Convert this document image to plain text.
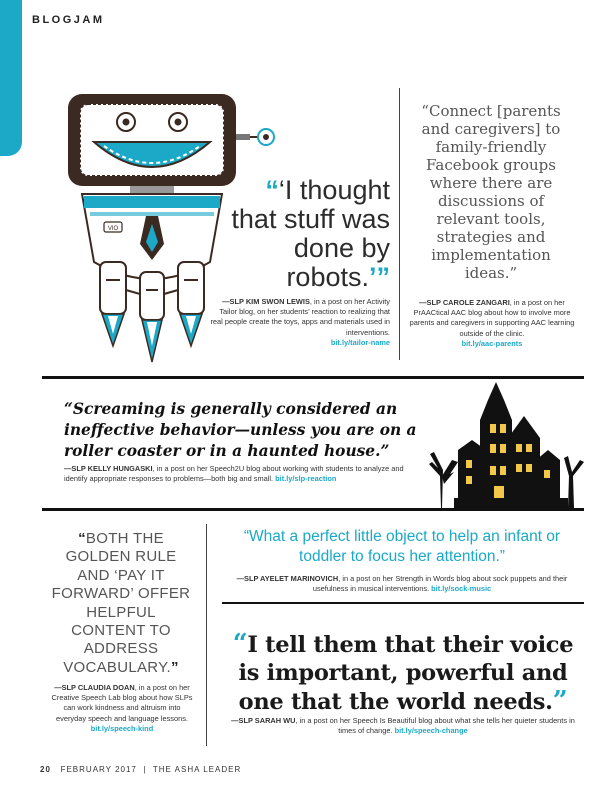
BLOGJAM
VIO
“‘I thought that stuff was done by robots.’”
—SLP KIM SWON LEWIS, in a post on her Activity Tailor blog, on her students’ reaction to realizing that real people create the toys, apps and materials used in interventions.
bit.ly/tailor-name
“Connect [parents and caregivers] to family-friendly Facebook groups where there are discussions of relevant tools, strategies and implementation ideas.”
—SLP CAROLE ZANGARI, in a post on her PrAACtical AAC blog about how to involve more parents and caregivers in supporting AAC learning outside of the clinic.
bit.ly/aac-parents
“Screaming is generally considered an ineffective behavior—unless you are on a roller coaster or in a haunted house.”
—SLP KELLY HUNGASKI, in a post on her Speech2U blog about working with students to analyze and identify appropriate responses to problems—both big and small. bit.ly/slp-reaction
“BOTH THE GOLDEN RULE AND ‘PAY IT FORWARD’ OFFER HELPFUL CONTENT TO ADDRESS VOCABULARY.”
—SLP CLAUDIA DOAN, in a post on her Creative Speech Lab blog about how SLPs can work kindness and altruism into everyday speech and language lessons.
bit.ly/speech-kind
“What a perfect little object to help an infant or toddler to focus her attention.”
—SLP AYELET MARINOVICH, in a post on her Strength in Words blog about sock puppets and their usefulness in musical interventions. bit.ly/sock-music
“I tell them that their voice is important, powerful and one that the world needs.”
—SLP SARAH WU, in a post on her Speech Is Beautiful blog about what she tells her quieter students in times of change. bit.ly/speech-change
20 FEBRUARY 2017 | THE ASHA LEADER
